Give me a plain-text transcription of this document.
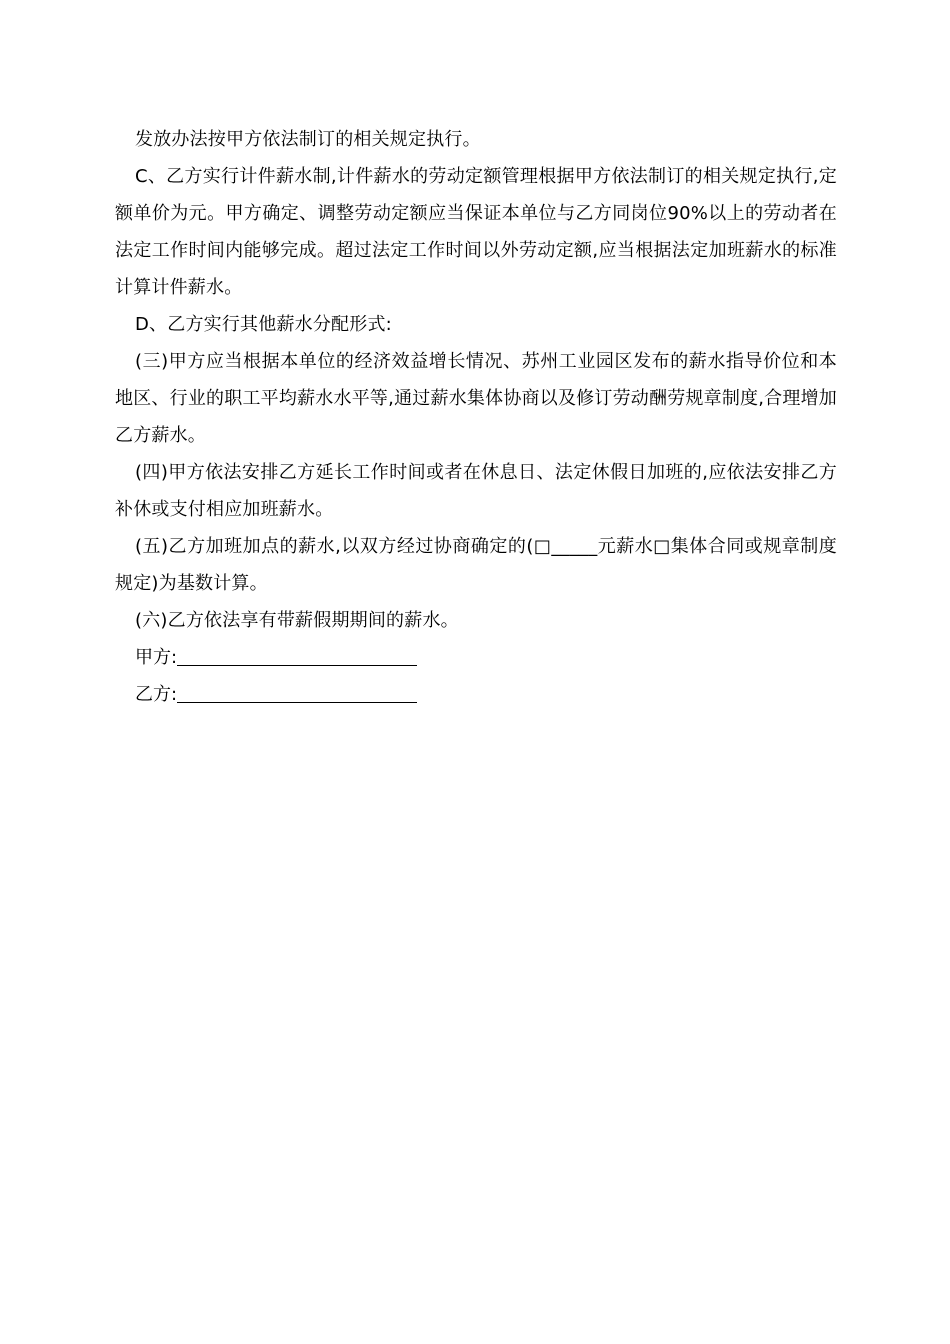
发放办法按甲方依法制订的相关规定执行。

C、乙方实行计件薪水制,计件薪水的劳动定额管理根据甲方依法制订的相关规定执行,定额单价为元。甲方确定、调整劳动定额应当保证本单位与乙方同岗位90%以上的劳动者在法定工作时间内能够完成。超过法定工作时间以外劳动定额,应当根据法定加班薪水的标准计算计件薪水。

D、乙方实行其他薪水分配形式:

(三)甲方应当根据本单位的经济效益增长情况、苏州工业园区发布的薪水指导价位和本地区、行业的职工平均薪水水平等,通过薪水集体协商以及修订劳动酬劳规章制度,合理增加乙方薪水。

(四)甲方依法安排乙方延长工作时间或者在休息日、法定休假日加班的,应依法安排乙方补休或支付相应加班薪水。

(五)乙方加班加点的薪水,以双方经过协商确定的(□_____元薪水□集体合同或规章制度规定)为基数计算。

(六)乙方依法享有带薪假期期间的薪水。

甲方:

乙方:
